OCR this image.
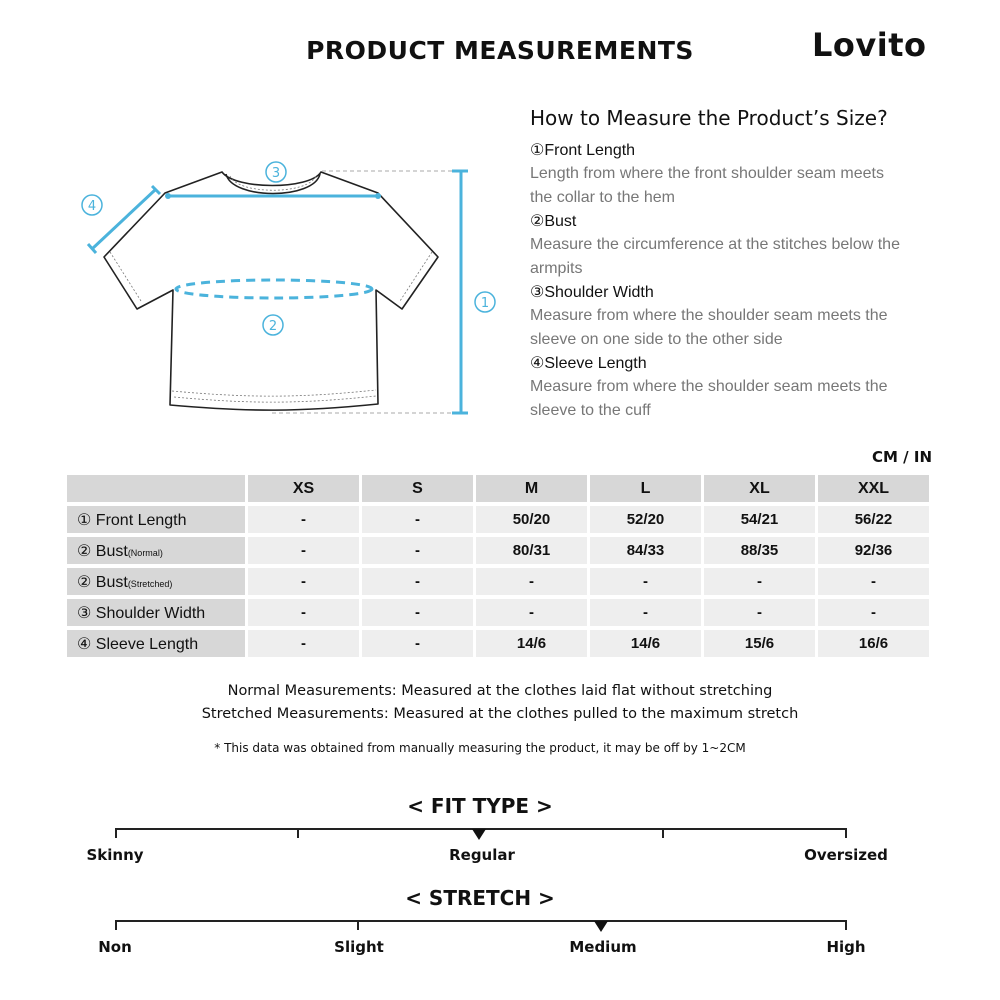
PRODUCT MEASUREMENTS	Lovito
3
4
2
1
How to Measure the Product’s Size?

①Front Length

Length from where the front shoulder seam meets the collar to the hem

②Bust

Measure the circumference at the stitches below the armpits

③Shoulder Width

Measure from where the shoulder seam meets the sleeve on one side to the other side

④Sleeve Length

Measure from where the shoulder seam meets the sleeve to the cuff

CM / IN
	XS	S	M	L	XL	XXL
① Front Length	-	-	50/20	52/20	54/21	56/22
② Bust(Normal)	-	-	80/31	84/33	88/35	92/36
② Bust(Stretched)	-	-	-	-	-	-
③ Shoulder Width	-	-	-	-	-	-
④ Sleeve Length	-	-	14/6	14/6	15/6	16/6
Normal Measurements: Measured at the clothes laid flat without stretching
Stretched Measurements: Measured at the clothes pulled to the maximum stretch
* This data was obtained from manually measuring the product, it may be off by 1~2CM
< FIT TYPE >
Skinny	Regular	Oversized
< STRETCH >
Non	Slight	Medium	High
